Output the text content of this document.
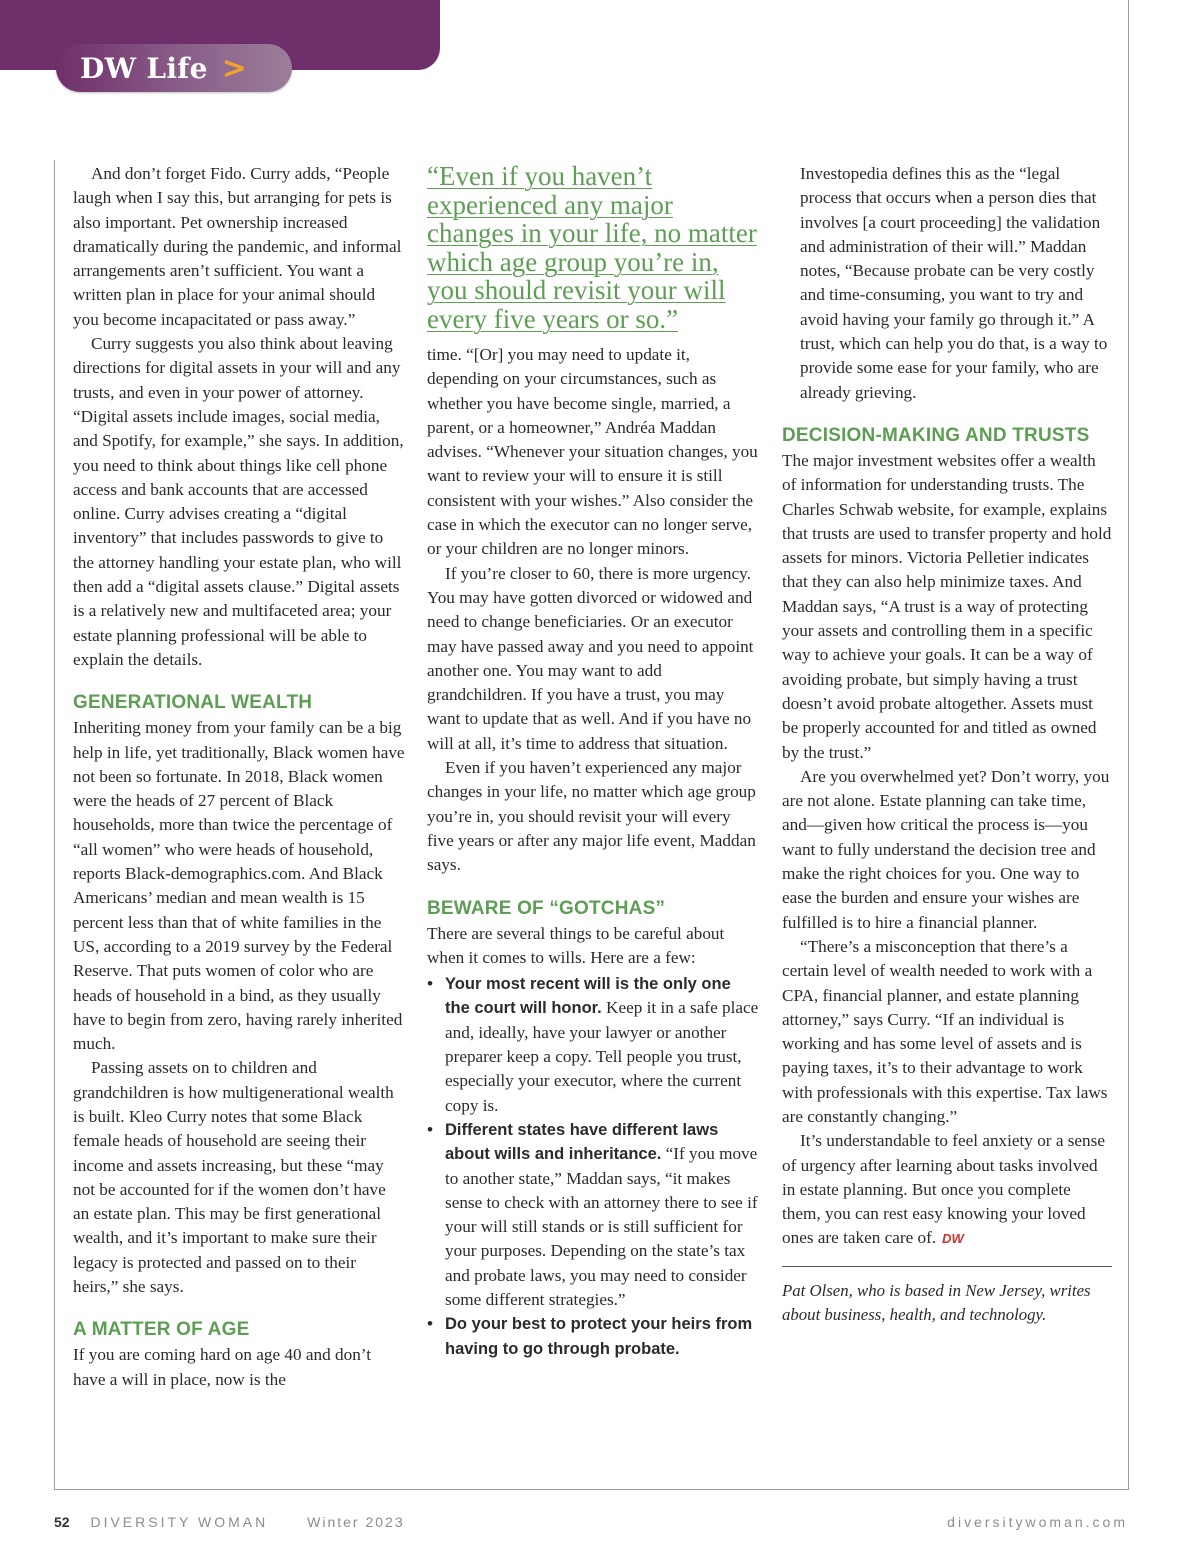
DW Life >

And don’t forget Fido. Curry adds, “People laugh when I say this, but arranging for pets is also important. Pet ownership increased dramatically during the pandemic, and informal arrangements aren’t sufficient. You want a written plan in place for your animal should you become incapacitated or pass away.”

Curry suggests you also think about leaving directions for digital assets in your will and any trusts, and even in your power of attorney. “Digital assets include images, social media, and Spotify, for example,” she says. In addition, you need to think about things like cell phone access and bank accounts that are accessed online. Curry advises creating a “digital inventory” that includes passwords to give to the attorney handling your estate plan, who will then add a “digital assets clause.” Digital assets is a relatively new and multifaceted area; your estate planning professional will be able to explain the details.

GENERATIONAL WEALTH

Inheriting money from your family can be a big help in life, yet traditionally, Black women have not been so fortunate. In 2018, Black women were the heads of 27 percent of Black households, more than twice the percentage of “all women” who were heads of household, reports Black-demographics.com. And Black Americans’ median and mean wealth is 15 percent less than that of white families in the US, according to a 2019 survey by the Federal Reserve. That puts women of color who are heads of household in a bind, as they usually have to begin from zero, having rarely inherited much.

Passing assets on to children and grandchildren is how multigenerational wealth is built. Kleo Curry notes that some Black female heads of household are seeing their income and assets increasing, but these “may not be accounted for if the women don’t have an estate plan. This may be first generational wealth, and it’s important to make sure their legacy is protected and passed on to their heirs,” she says.

A MATTER OF AGE

If you are coming hard on age 40 and don’t have a will in place, now is the

“Even if you haven’t experienced any major changes in your life, no matter which age group you’re in, you should revisit your will every five years or so.”

time. “[Or] you may need to update it, depending on your circumstances, such as whether you have become single, married, a parent, or a homeowner,” Andréa Maddan advises. “Whenever your situation changes, you want to review your will to ensure it is still consistent with your wishes.” Also consider the case in which the executor can no longer serve, or your children are no longer minors.

If you’re closer to 60, there is more urgency. You may have gotten divorced or widowed and need to change beneficiaries. Or an executor may have passed away and you need to appoint another one. You may want to add grandchildren. If you have a trust, you may want to update that as well. And if you have no will at all, it’s time to address that situation.

Even if you haven’t experienced any major changes in your life, no matter which age group you’re in, you should revisit your will every five years or after any major life event, Maddan says.

BEWARE OF “GOTCHAS”

There are several things to be careful about when it comes to wills. Here are a few:

• Your most recent will is the only one the court will honor. Keep it in a safe place and, ideally, have your lawyer or another preparer keep a copy. Tell people you trust, especially your executor, where the current copy is.
• Different states have different laws about wills and inheritance. “If you move to another state,” Maddan says, “it makes sense to check with an attorney there to see if your will still stands or is still sufficient for your purposes. Depending on the state’s tax and probate laws, you may need to consider some different strategies.”
• Do your best to protect your heirs from having to go through probate.

Investopedia defines this as the “legal process that occurs when a person dies that involves [a court proceeding] the validation and administration of their will.” Maddan notes, “Because probate can be very costly and time-consuming, you want to try and avoid having your family go through it.” A trust, which can help you do that, is a way to provide some ease for your family, who are already grieving.

DECISION-MAKING AND TRUSTS

The major investment websites offer a wealth of information for understanding trusts. The Charles Schwab website, for example, explains that trusts are used to transfer property and hold assets for minors. Victoria Pelletier indicates that they can also help minimize taxes. And Maddan says, “A trust is a way of protecting your assets and controlling them in a specific way to achieve your goals. It can be a way of avoiding probate, but simply having a trust doesn’t avoid probate altogether. Assets must be properly accounted for and titled as owned by the trust.”

Are you overwhelmed yet? Don’t worry, you are not alone. Estate planning can take time, and—given how critical the process is—you want to fully understand the decision tree and make the right choices for you. One way to ease the burden and ensure your wishes are fulfilled is to hire a financial planner.

“There’s a misconception that there’s a certain level of wealth needed to work with a CPA, financial planner, and estate planning attorney,” says Curry. “If an individual is working and has some level of assets and is paying taxes, it’s to their advantage to work with professionals with this expertise. Tax laws are constantly changing.”

It’s understandable to feel anxiety or a sense of urgency after learning about tasks involved in estate planning. But once you complete them, you can rest easy knowing your loved ones are taken care of. DW

Pat Olsen, who is based in New Jersey, writes about business, health, and technology.

52 DIVERSITY WOMAN	Winter 2023	diversitywoman.com
